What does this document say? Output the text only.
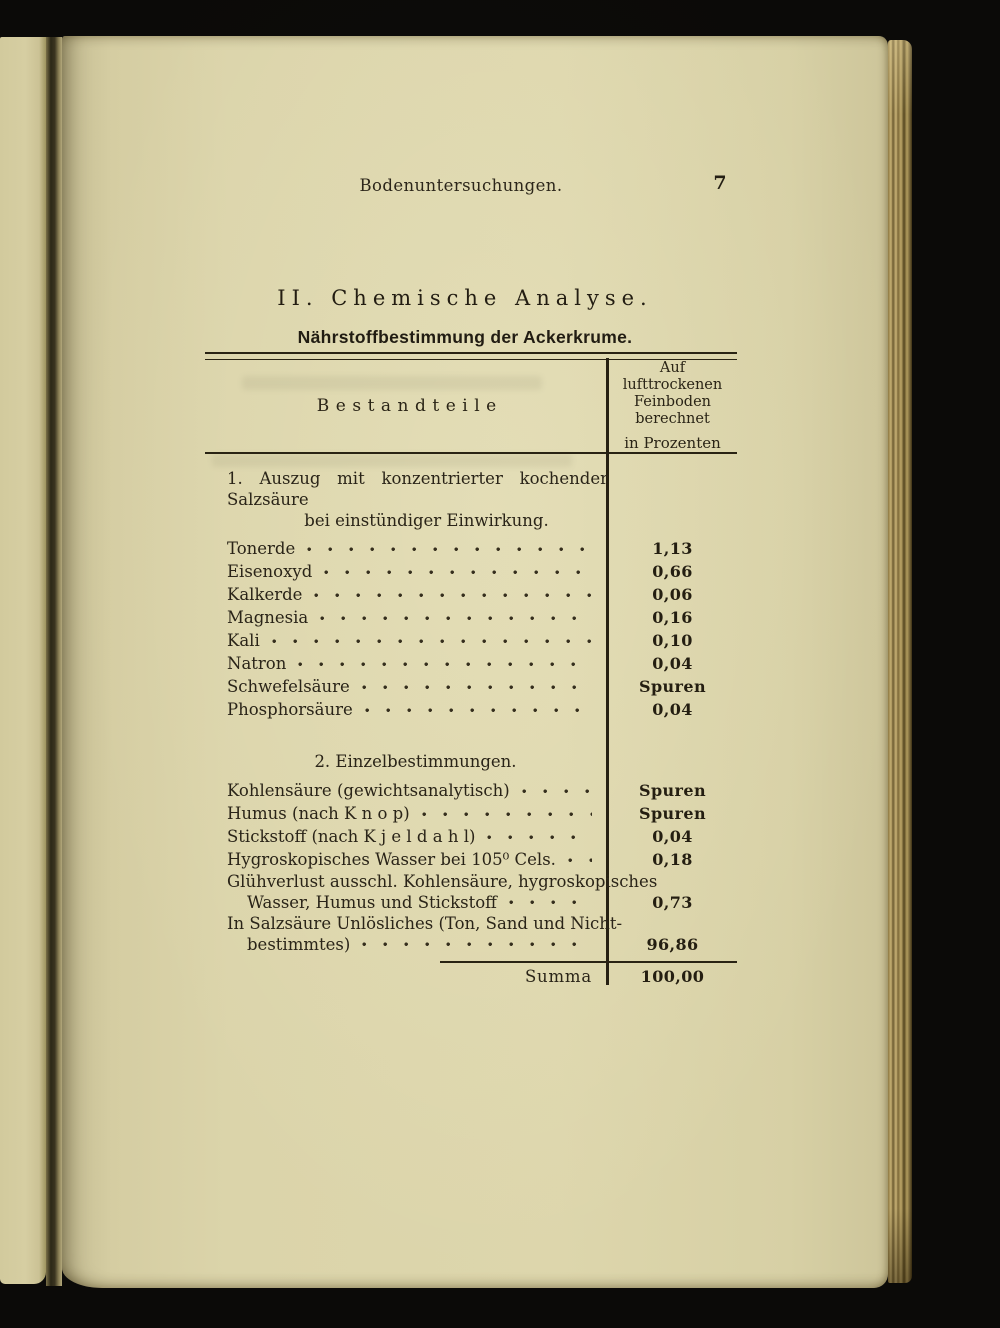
Bodenuntersuchungen.	7
II. Chemische Analyse.
Nährstoffbestimmung der Ackerkrume.
Bestandteile
Auf
lufttrockenen
Feinboden
berechnet
in Prozenten
1. Auszug mit konzentrierter kochender Salzsäure
bei einstündiger Einwirkung.
Tonerde	1,13
Eisenoxyd	0,66
Kalkerde	0,06
Magnesia	0,16
Kali	0,10
Natron	0,04
Schwefelsäure	Spuren
Phosphorsäure	0,04
2. Einzelbestimmungen.
Kohlensäure (gewichtsanalytisch)	Spuren
Humus (nach K n o p)	Spuren
Stickstoff (nach K j e l d a h l)	0,04
Hygroskopisches Wasser bei 105⁰ Cels.	0,18
Glühverlust ausschl. Kohlensäure, hygroskopisches
Wasser, Humus und Stickstoff	0,73
In Salzsäure Unlösliches (Ton, Sand und Nicht-
bestimmtes)	96,86
Summa	100,00
